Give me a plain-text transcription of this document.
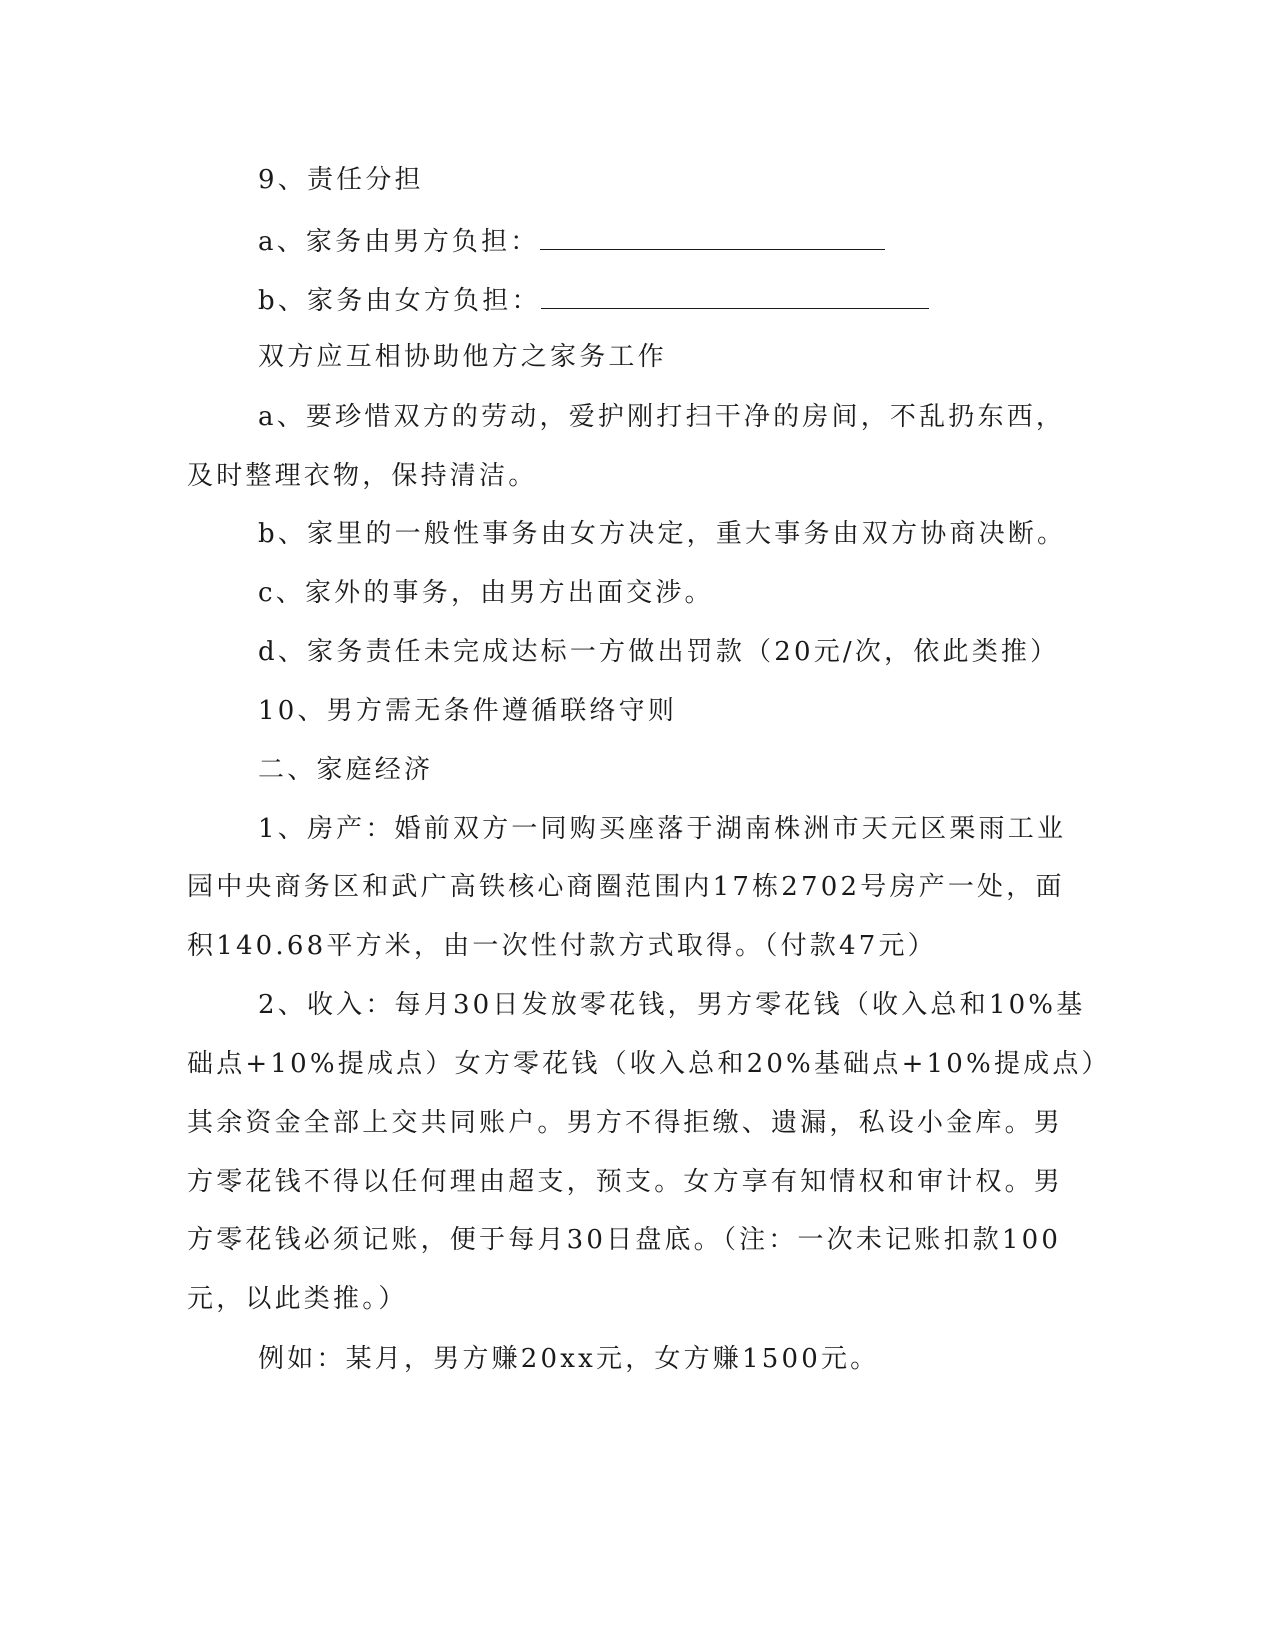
9、责任分担
a、家务由男方负担：
b、家务由女方负担：
双方应互相协助他方之家务工作
a、要珍惜双方的劳动，爱护刚打扫干净的房间，不乱扔东西，
及时整理衣物，保持清洁。
b、家里的一般性事务由女方决定，重大事务由双方协商决断。
c、家外的事务，由男方出面交涉。
d、家务责任未完成达标一方做出罚款（20元/次，依此类推）
10、男方需无条件遵循联络守则
二、家庭经济
1、房产：婚前双方一同购买座落于湖南株洲市天元区栗雨工业
园中央商务区和武广高铁核心商圈范围内17栋2702号房产一处，面
积140.68平方米，由一次性付款方式取得。（付款47元）
2、收入：每月30日发放零花钱，男方零花钱（收入总和10%基
础点+10%提成点）女方零花钱（收入总和20%基础点+10%提成点）
其余资金全部上交共同账户。男方不得拒缴、遗漏，私设小金库。男
方零花钱不得以任何理由超支，预支。女方享有知情权和审计权。男
方零花钱必须记账，便于每月30日盘底。（注：一次未记账扣款100
元，以此类推。）
例如：某月，男方赚20xx元，女方赚1500元。
